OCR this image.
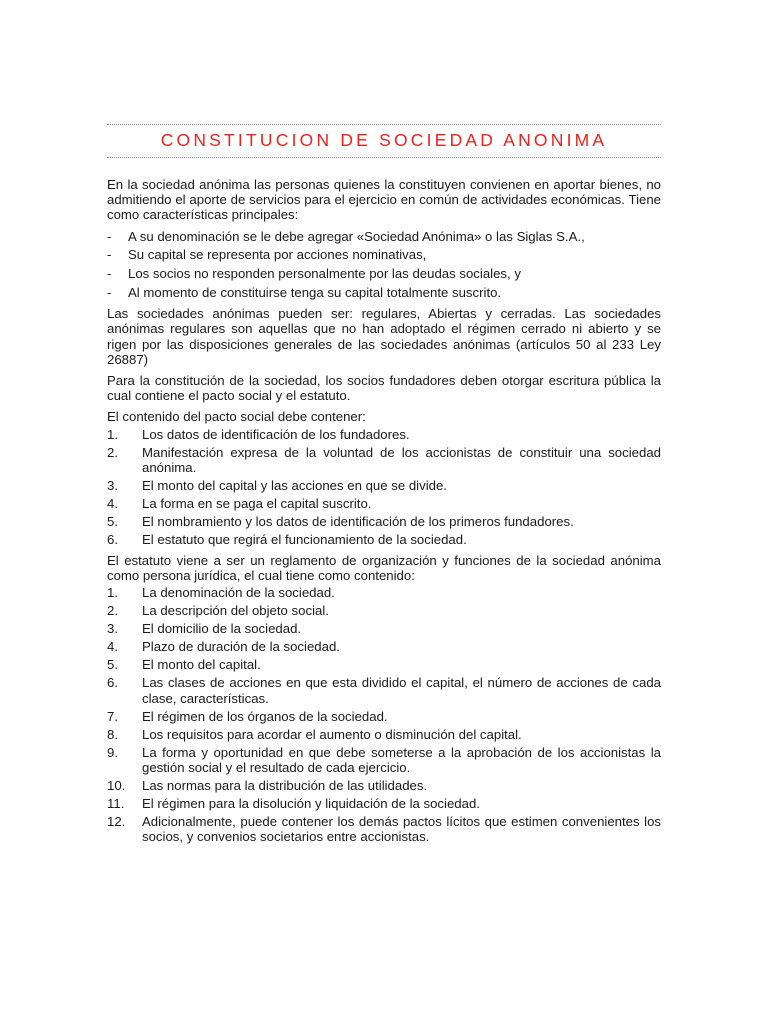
CONSTITUCION DE SOCIEDAD ANONIMA

En la sociedad anónima las personas quienes la constituyen convienen en aportar bienes, no admitiendo el aporte de servicios para el ejercicio en común de actividades económicas. Tiene como características principales:

- A su denominación se le debe agregar «Sociedad Anónima» o las Siglas S.A.,
- Su capital se representa por acciones nominativas,
- Los socios no responden personalmente por las deudas sociales, y
- Al momento de constituirse tenga su capital totalmente suscrito.

Las sociedades anónimas pueden ser: regulares, Abiertas y cerradas. Las sociedades anónimas regulares son aquellas que no han adoptado el régimen cerrado ni abierto y se rigen por las disposiciones generales de las sociedades anónimas (artículos 50 al 233 Ley 26887)

Para la constitución de la sociedad, los socios fundadores deben otorgar escritura pública la cual contiene el pacto social y el estatuto.

El contenido del pacto social debe contener:

1. Los datos de identificación de los fundadores.
2. Manifestación expresa de la voluntad de los accionistas de constituir una sociedad anónima.
3. El monto del capital y las acciones en que se divide.
4. La forma en se paga el capital suscrito.
5. El nombramiento y los datos de identificación de los primeros fundadores.
6. El estatuto que regirá el funcionamiento de la sociedad.

El estatuto viene a ser un reglamento de organización y funciones de la sociedad anónima como persona jurídica, el cual tiene como contenido:

1. La denominación de la sociedad.
2. La descripción del objeto social.
3. El domicilio de la sociedad.
4. Plazo de duración de la sociedad.
5. El monto del capital.
6. Las clases de acciones en que esta dividido el capital, el número de acciones de cada clase, características.
7. El régimen de los órganos de la sociedad.
8. Los requisitos para acordar el aumento o disminución del capital.
9. La forma y oportunidad en que debe someterse a la aprobación de los accionistas la gestión social y el resultado de cada ejercicio.
10. Las normas para la distribución de las utilidades.
11. El régimen para la disolución y liquidación de la sociedad.
12. Adicionalmente, puede contener los demás pactos lícitos que estimen convenientes los socios, y convenios societarios entre accionistas.
